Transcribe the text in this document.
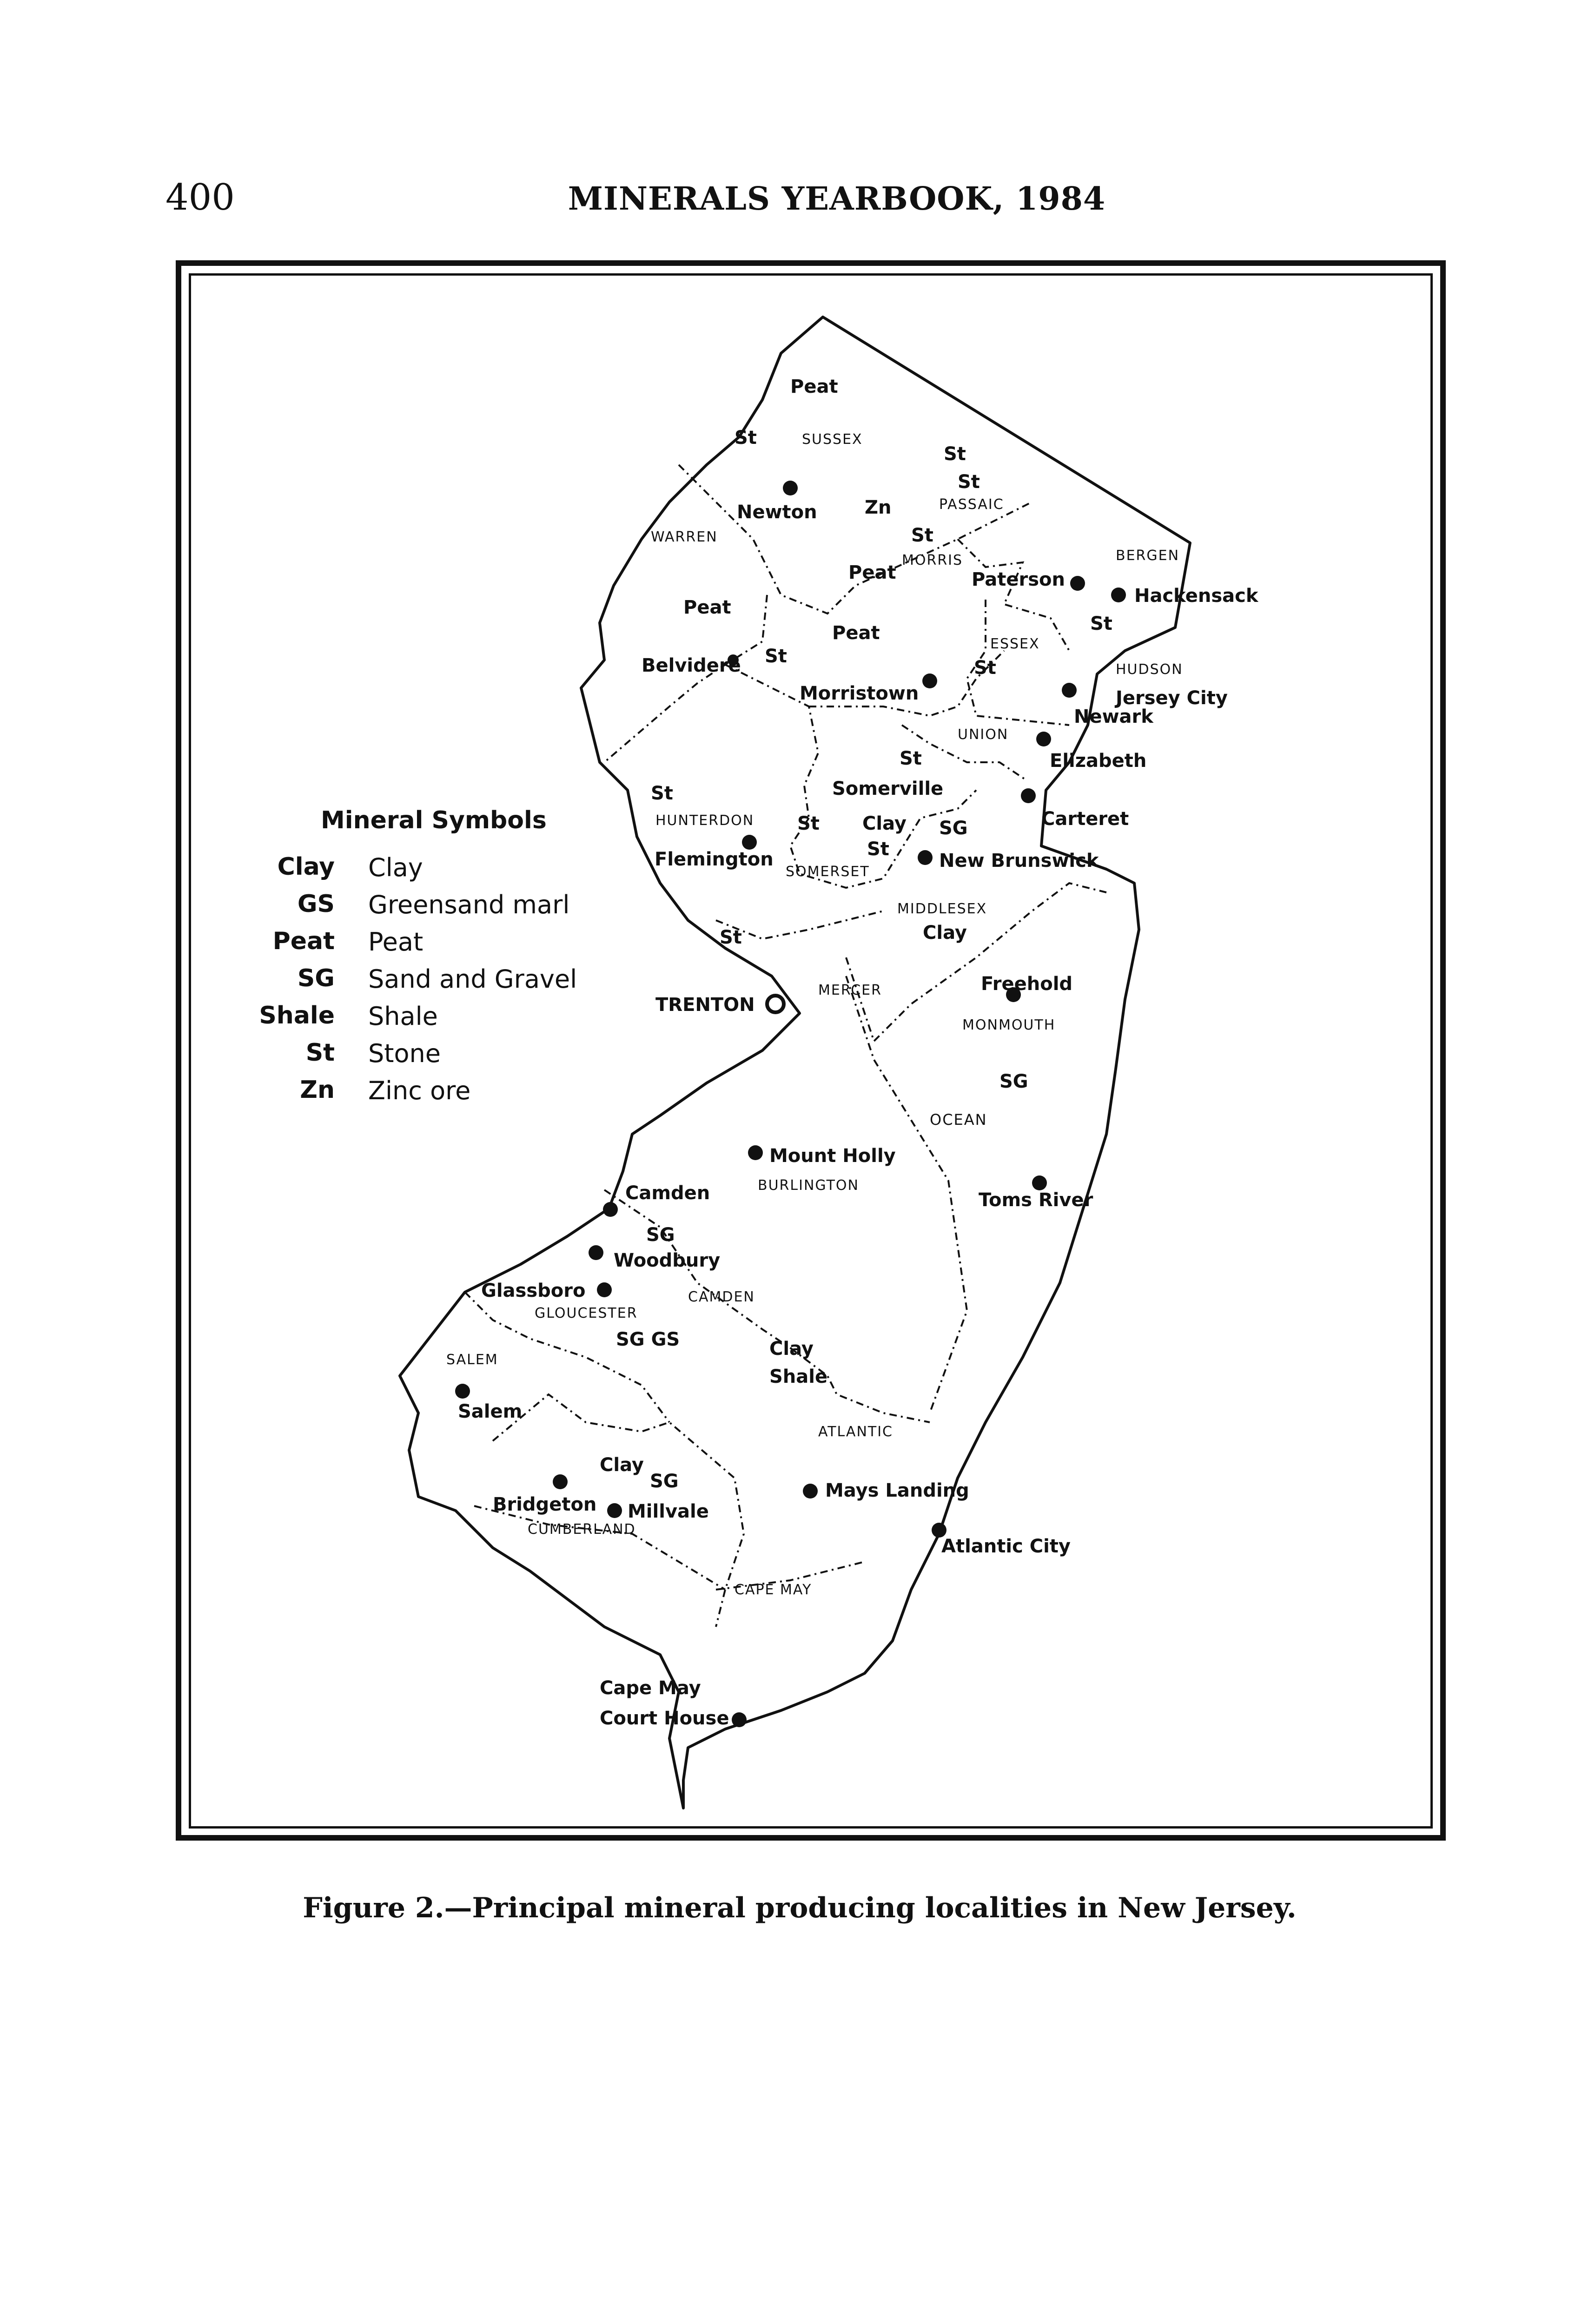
400	MINERALS YEARBOOK, 1984
SUSSEX
WARREN
PASSAIC
BERGEN
MORRIS
ESSEX
HUDSON
UNION
HUNTERDON
SOMERSET
MIDDLESEX
MERCER
MONMOUTH
BURLINGTON
CAMDEN
GLOUCESTER
SALEM
ATLANTIC
CUMBERLAND
CAPE MAY
OCEAN
Newton
Belvidere
Paterson
Hackensack
Morristown	Jersey City
Newark
Elizabeth
Somerville
Carteret
Flemington	New Brunswick
TRENTON
Freehold
Mount Holly
Camden	Toms River
Woodbury
Glassboro
Salem
Bridgeton Millvale
Mays Landing
Atlantic City
Cape May
Court House
Peat
St
Zn
St
St
St
Peat
Peat
St
Peat	St
St
St
St
St Clay SG
St
Clay
St
SG
SG
SG GS	Clay
Shale
Clay
SG
Mineral Symbols
Clay Clay
GS Greensand marl
Peat Peat
SG Sand and Gravel
Shale Shale
St Stone
Zn Zinc ore
Figure 2.—Principal mineral producing localities in New Jersey.
